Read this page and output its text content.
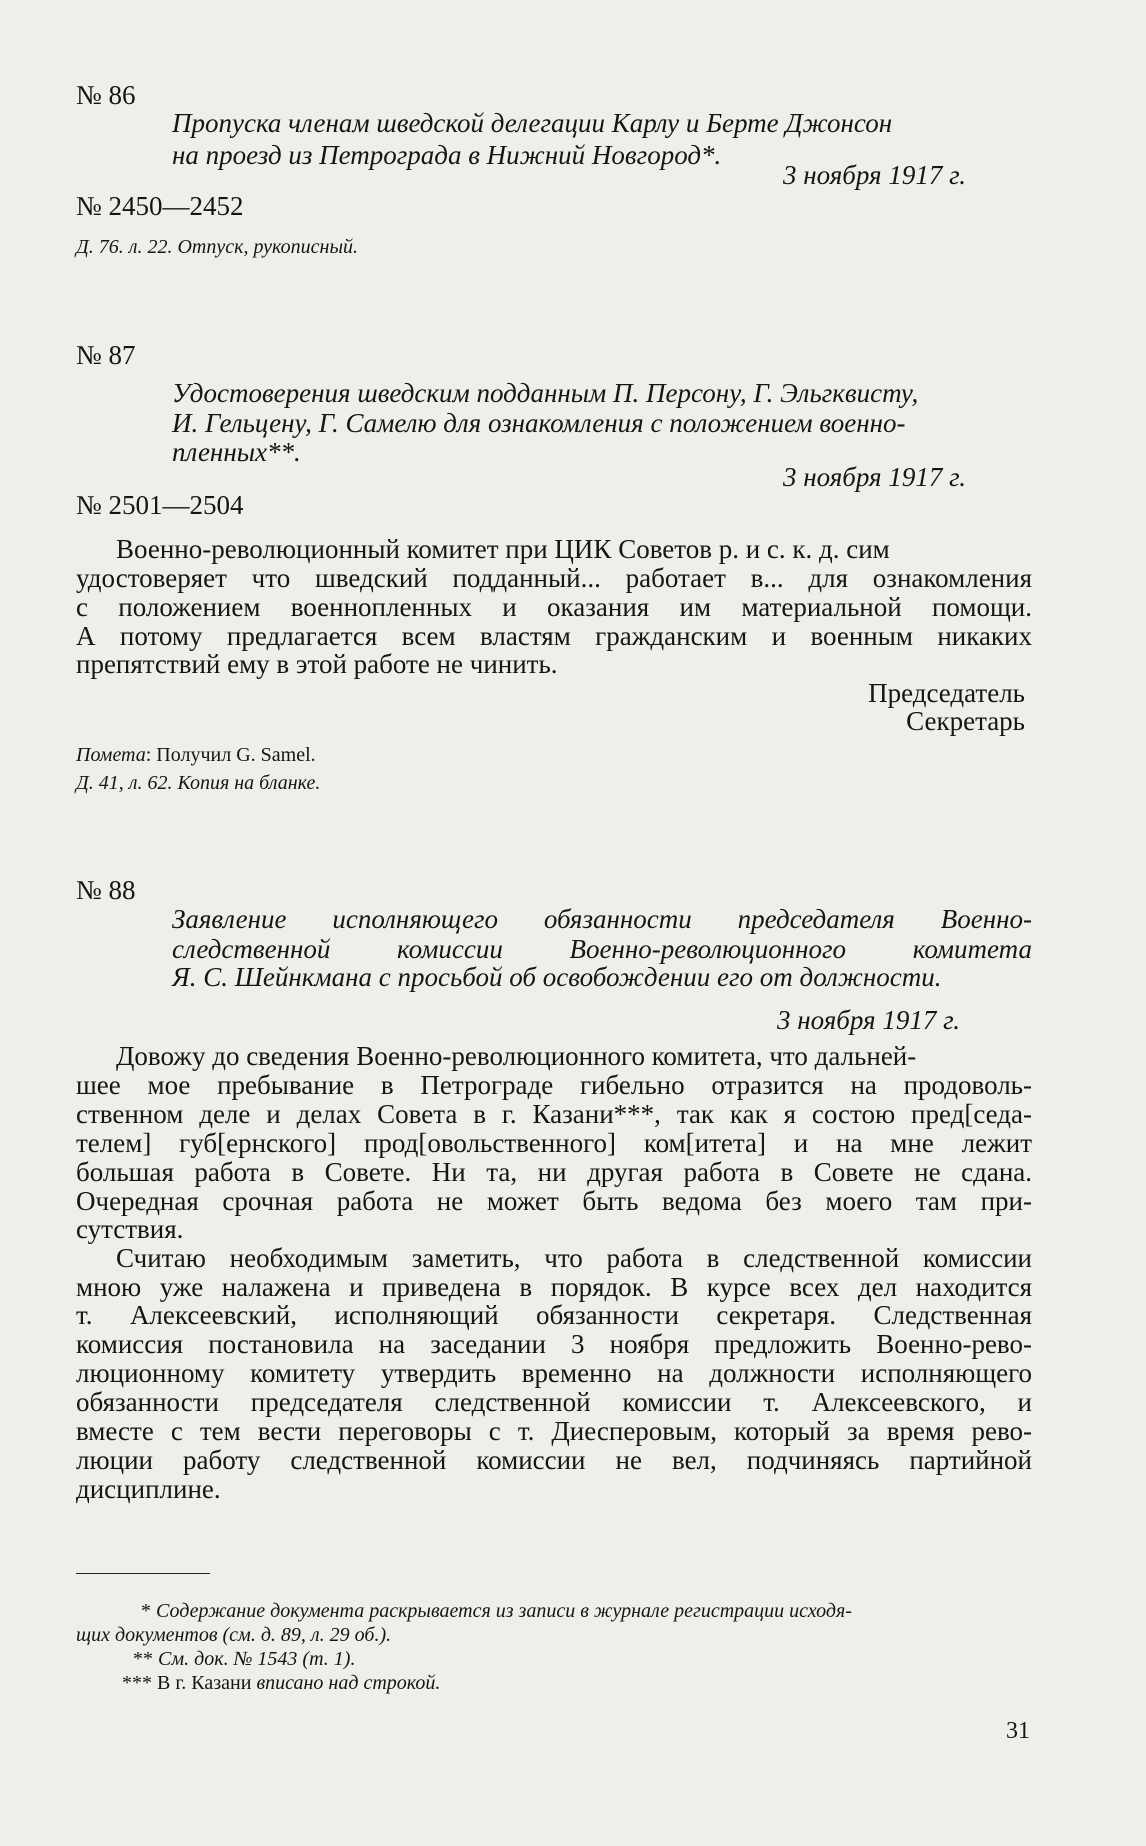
№ 86
Пропуска членам шведской делегации Карлу и Берте Джонсон
на проезд из Петрограда в Нижний Новгород*.
3 ноября 1917 г.
№ 2450—2452
Д. 76. л. 22. Отпуск, рукописный.
№ 87
Удостоверения шведским подданным П. Персону, Г. Эльгквисту,
И. Гельцену, Г. Самелю для ознакомления с положением военно-
пленных**.
3 ноября 1917 г.
№ 2501—2504
Военно-революционный комитет при ЦИК Советов р. и с. к. д. сим
удостоверяет что шведский подданный... работает в... для ознакомления
с положением военнопленных и оказания им материальной помощи.
А потому предлагается всем властям гражданским и военным никаких
препятствий ему в этой работе не чинить.
Председатель
Секретарь
Помета: Получил G. Samel.
Д. 41, л. 62. Копия на бланке.
№ 88
Заявление исполняющего обязанности председателя Военно-
следственной комиссии Военно-революционного комитета
Я. С. Шейнкмана с просьбой об освобождении его от должности.
3 ноября 1917 г.
Довожу до сведения Военно-революционного комитета, что дальней-
шее мое пребывание в Петрограде гибельно отразится на продоволь-
ственном деле и делах Совета в г. Казани***, так как я состою пред[седа-
телем] губ[ернского] прод[овольственного] ком[итета] и на мне лежит
большая работа в Совете. Ни та, ни другая работа в Совете не сдана.
Очередная срочная работа не может быть ведома без моего там при-
сутствия.
Считаю необходимым заметить, что работа в следственной комиссии
мною уже налажена и приведена в порядок. В курсе всех дел находится
т. Алексеевский, исполняющий обязанности секретаря. Следственная
комиссия постановила на заседании 3 ноября предложить Военно-рево-
люционному комитету утвердить временно на должности исполняющего
обязанности председателя следственной комиссии т. Алексеевского, и
вместе с тем вести переговоры с т. Диесперовым, который за время рево-
люции работу следственной комиссии не вел, подчиняясь партийной
дисциплине.
* Содержание документа раскрывается из записи в журнале регистрации исходя-
щих документов (см. д. 89, л. 29 об.).
** См. док. № 1543 (т. 1).
*** В г. Казани вписано над строкой.
31
